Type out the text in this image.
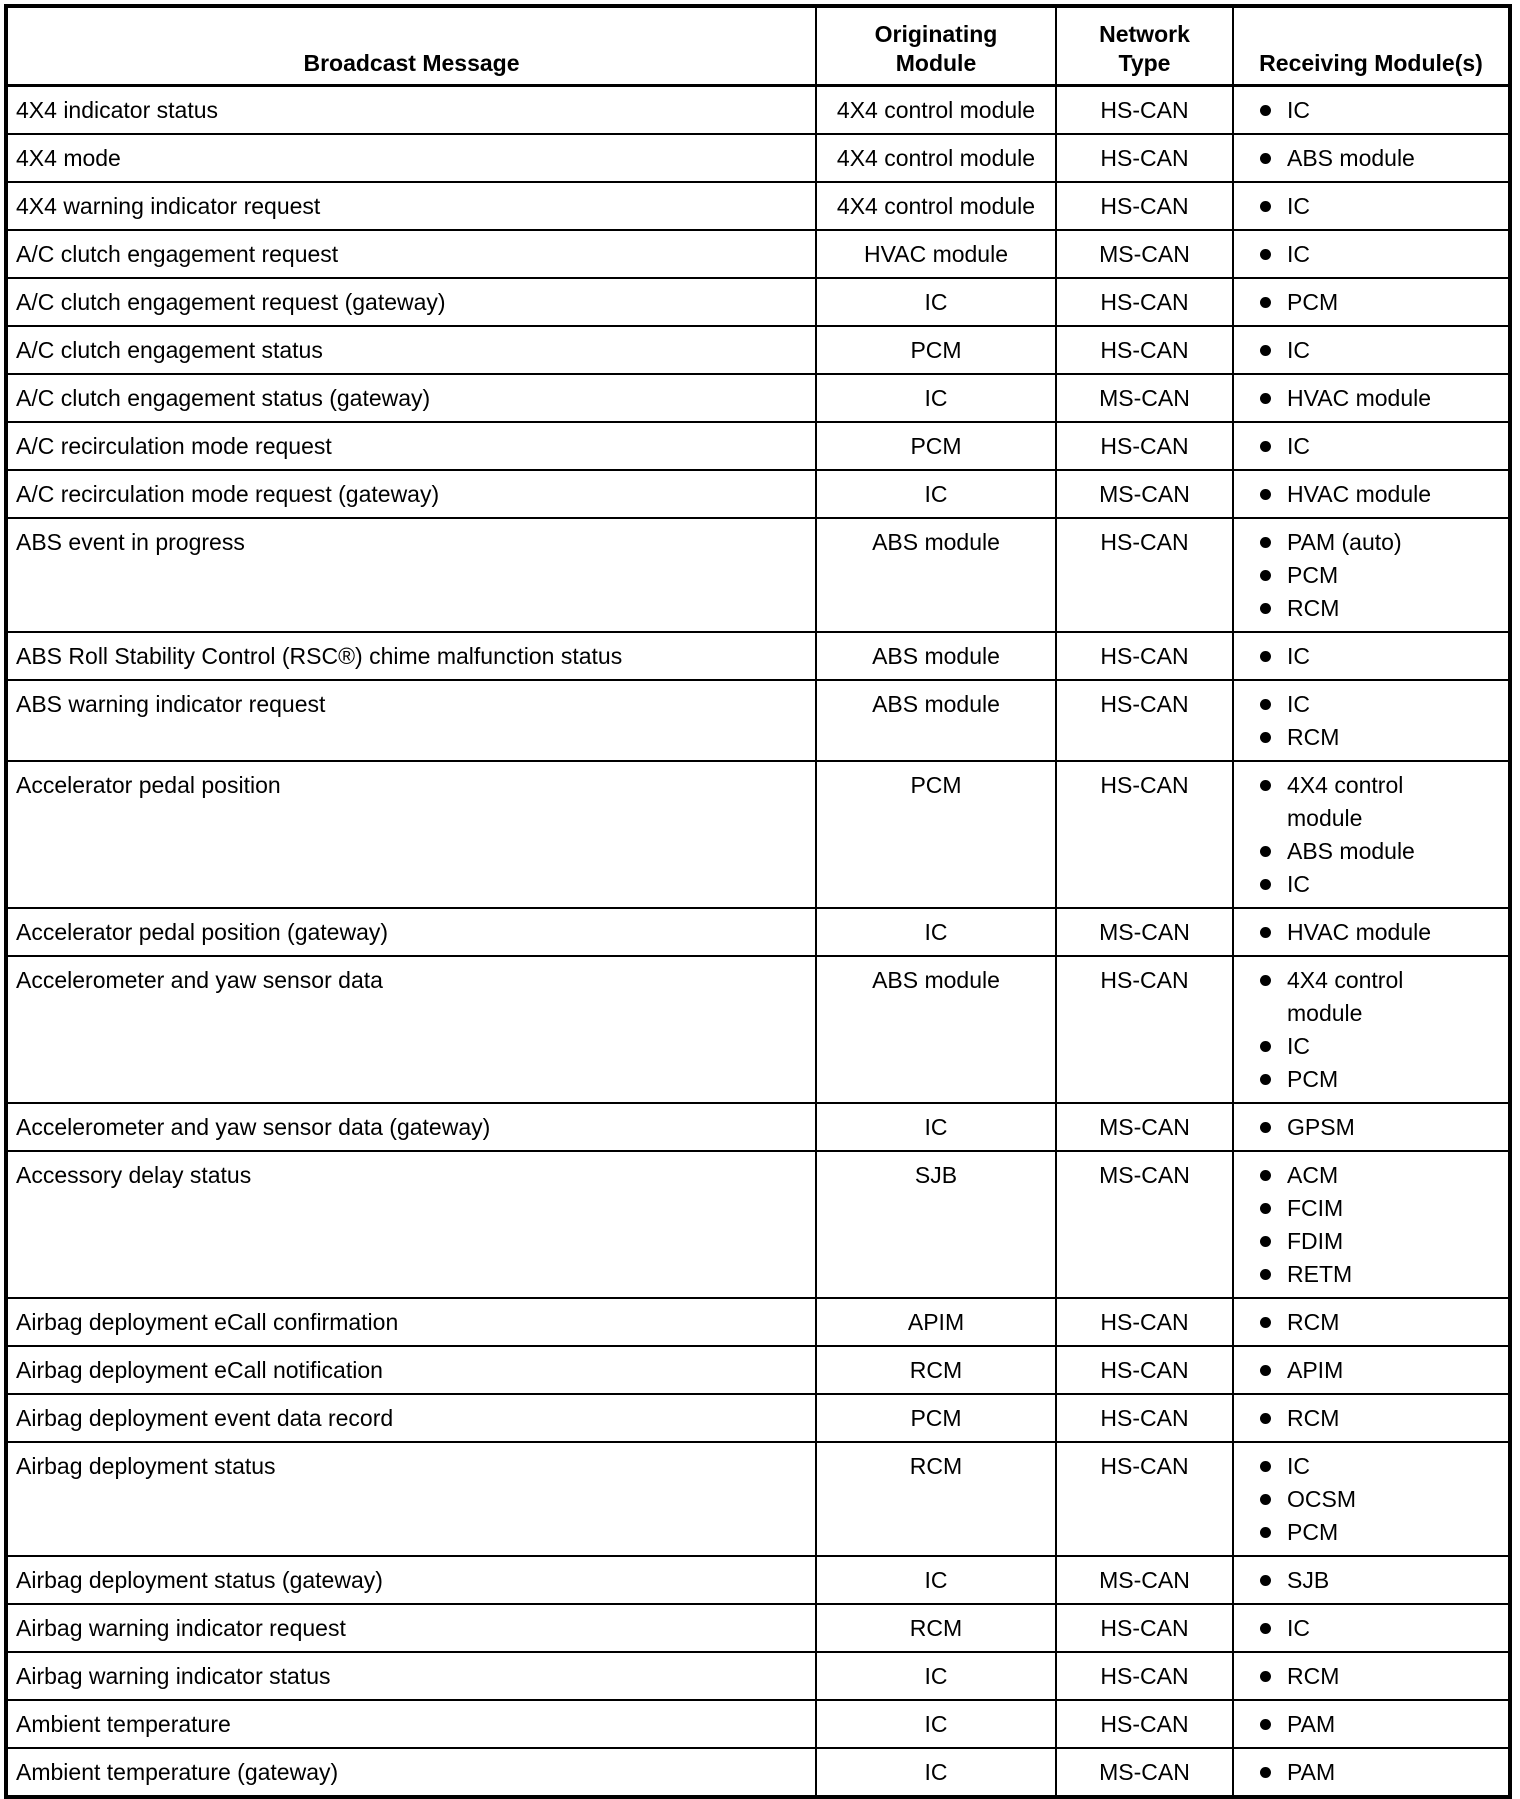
Broadcast Message	Originating Module	Network Type	Receiving Module(s)
4X4 indicator status	4X4 control module	HS-CAN	IC

4X4 mode	4X4 control module	HS-CAN	ABS module

4X4 warning indicator request	4X4 control module	HS-CAN	IC

A/C clutch engagement request	HVAC module	MS-CAN	IC

A/C clutch engagement request (gateway)	IC	HS-CAN	PCM

A/C clutch engagement status	PCM	HS-CAN	IC

A/C clutch engagement status (gateway)	IC	MS-CAN	HVAC module

A/C recirculation mode request	PCM	HS-CAN	IC

A/C recirculation mode request (gateway)	IC	MS-CAN	HVAC module

ABS event in progress	ABS module	HS-CAN	PAM (auto)
PCM
RCM

ABS Roll Stability Control (RSC®) chime malfunction status	ABS module	HS-CAN	IC

ABS warning indicator request	ABS module	HS-CAN	IC
RCM

Accelerator pedal position	PCM	HS-CAN	4X4 control module
ABS module
IC

Accelerator pedal position (gateway)	IC	MS-CAN	HVAC module

Accelerometer and yaw sensor data	ABS module	HS-CAN	4X4 control module
IC
PCM

Accelerometer and yaw sensor data (gateway)	IC	MS-CAN	GPSM

Accessory delay status	SJB	MS-CAN	ACM
FCIM
FDIM
RETM

Airbag deployment eCall confirmation	APIM	HS-CAN	RCM

Airbag deployment eCall notification	RCM	HS-CAN	APIM

Airbag deployment event data record	PCM	HS-CAN	RCM

Airbag deployment status	RCM	HS-CAN	IC
OCSM
PCM

Airbag deployment status (gateway)	IC	MS-CAN	SJB

Airbag warning indicator request	RCM	HS-CAN	IC

Airbag warning indicator status	IC	HS-CAN	RCM

Ambient temperature	IC	HS-CAN	PAM

Ambient temperature (gateway)	IC	MS-CAN	PAM
